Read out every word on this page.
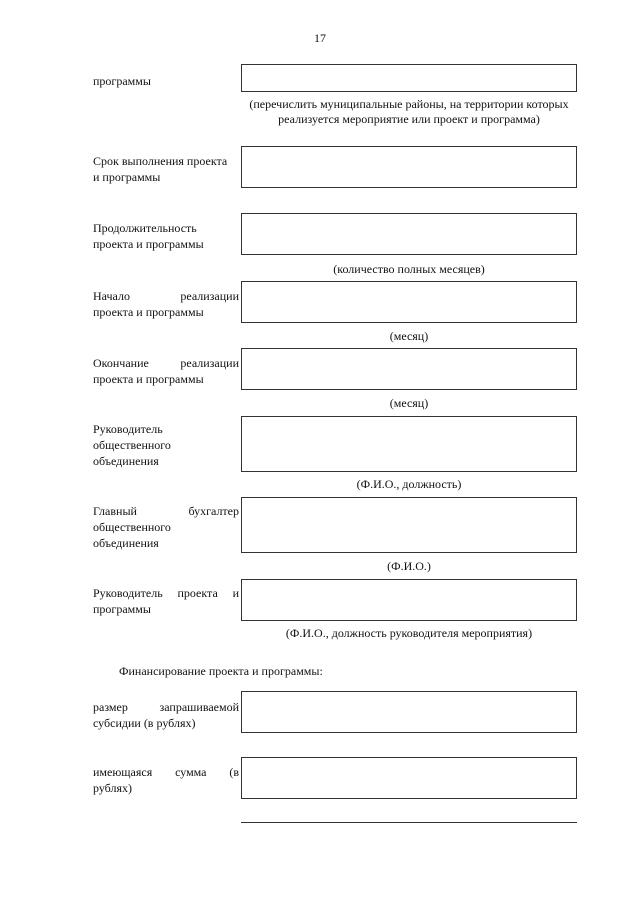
17
программы
(перечислить муниципальные районы, на территории которых реализуется мероприятие или проект и программа)
Срок выполнения проекта
и программы
Продолжительность
проекта и программы
(количество полных месяцев)
Начало реализации
проекта и программы
(месяц)
Окончание реализации
проекта и программы
(месяц)
Руководитель
общественного
объединения
(Ф.И.О., должность)
Главный бухгалтер
общественного
объединения
(Ф.И.О.)
Руководитель проекта и
программы
(Ф.И.О., должность руководителя мероприятия)
Финансирование проекта и программы:
размер запрашиваемой
субсидии (в рублях)
имеющаяся сумма (в
рублях)
